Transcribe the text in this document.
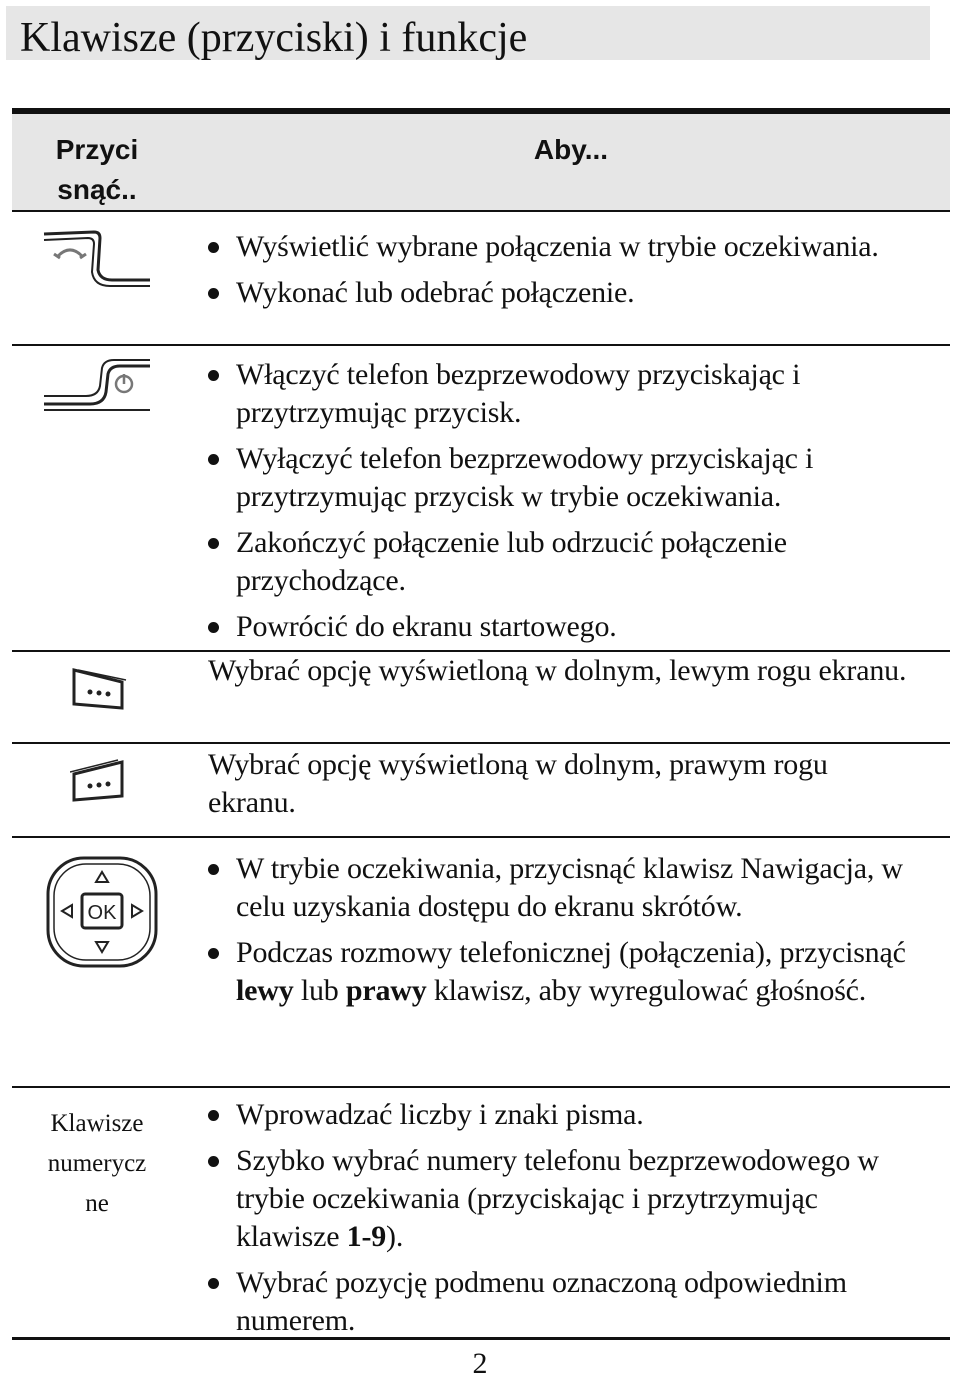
Klawisze (przyciski) i funkcje
Przyci
snąć..
Aby...
Wyświetlić wybrane połączenia w trybie oczekiwania.
Wykonać lub odebrać połączenie.
Włączyć telefon bezprzewodowy przyciskając i przytrzymując przycisk.
Wyłączyć telefon bezprzewodowy przyciskając i przytrzymując przycisk w trybie oczekiwania.
Zakończyć połączenie lub odrzucić połączenie przychodzące.
Powrócić do ekranu startowego.

Wybrać opcję wyświetloną w dolnym, lewym rogu ekranu.

Wybrać opcję wyświetloną w dolnym, prawym rogu ekranu.

OK
W trybie oczekiwania, przycisnąć klawisz Nawigacja, w celu uzyskania dostępu do ekranu skrótów.
Podczas rozmowy telefonicznej (połączenia), przycisnąć lewy lub prawy klawisz, aby wyregulować głośność.
Klawisze
numerycz
ne
Wprowadzać liczby i znaki pisma.
Szybko wybrać numery telefonu bezprzewodowego w trybie oczekiwania (przyciskając i przytrzymując klawisze 1-9).
Wybrać pozycję podmenu oznaczoną odpowiednim numerem.
2
